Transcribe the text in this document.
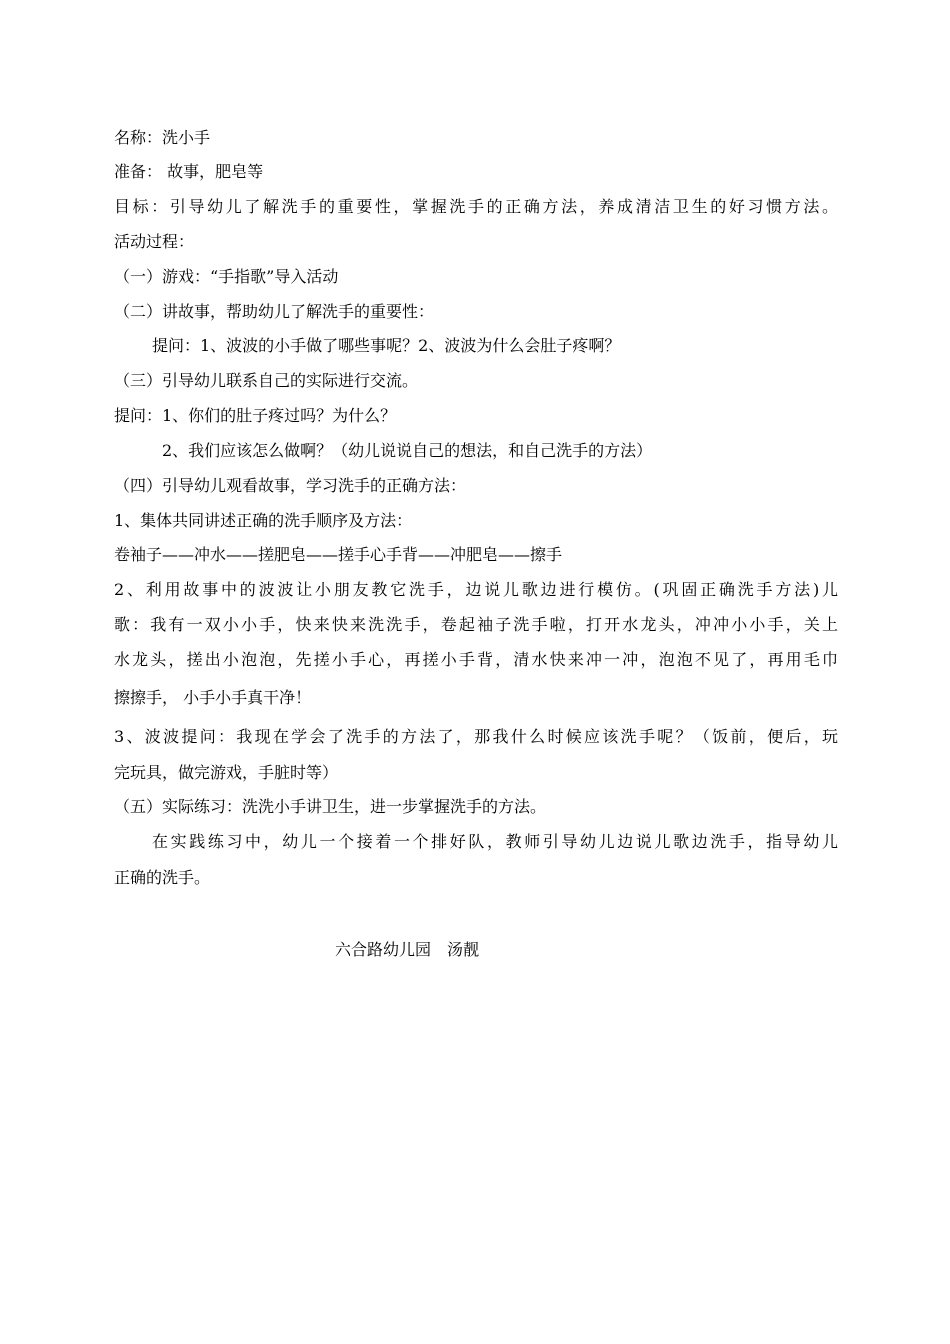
名称：洗小手
准备： 故事，肥皂等
目标：引导幼儿了解洗手的重要性，掌握洗手的正确方法，养成清洁卫生的好习惯方法。
活动过程：
（一）游戏：“手指歌”导入活动
（二）讲故事，帮助幼儿了解洗手的重要性：
提问：1、波波的小手做了哪些事呢？2、波波为什么会肚子疼啊？
（三）引导幼儿联系自己的实际进行交流。
提问：1、你们的肚子疼过吗？为什么？
2、我们应该怎么做啊？（幼儿说说自己的想法，和自己洗手的方法）
（四）引导幼儿观看故事，学习洗手的正确方法：
1、集体共同讲述正确的洗手顺序及方法：
卷袖子——冲水——搓肥皂——搓手心手背——冲肥皂——擦手
2、利用故事中的波波让小朋友教它洗手，边说儿歌边进行模仿。(巩固正确洗手方法)儿
歌：我有一双小小手，快来快来洗洗手，卷起袖子洗手啦，打开水龙头，冲冲小小手，关上
水龙头，搓出小泡泡，先搓小手心，再搓小手背，清水快来冲一冲，泡泡不见了，再用毛巾
擦擦手， 小手小手真干净！
3、波波提问：我现在学会了洗手的方法了，那我什么时候应该洗手呢？（饭前，便后，玩
完玩具，做完游戏，手脏时等）
（五）实际练习：洗洗小手讲卫生，进一步掌握洗手的方法。
在实践练习中，幼儿一个接着一个排好队，教师引导幼儿边说儿歌边洗手，指导幼儿
正确的洗手。
六合路幼儿园　汤靓
